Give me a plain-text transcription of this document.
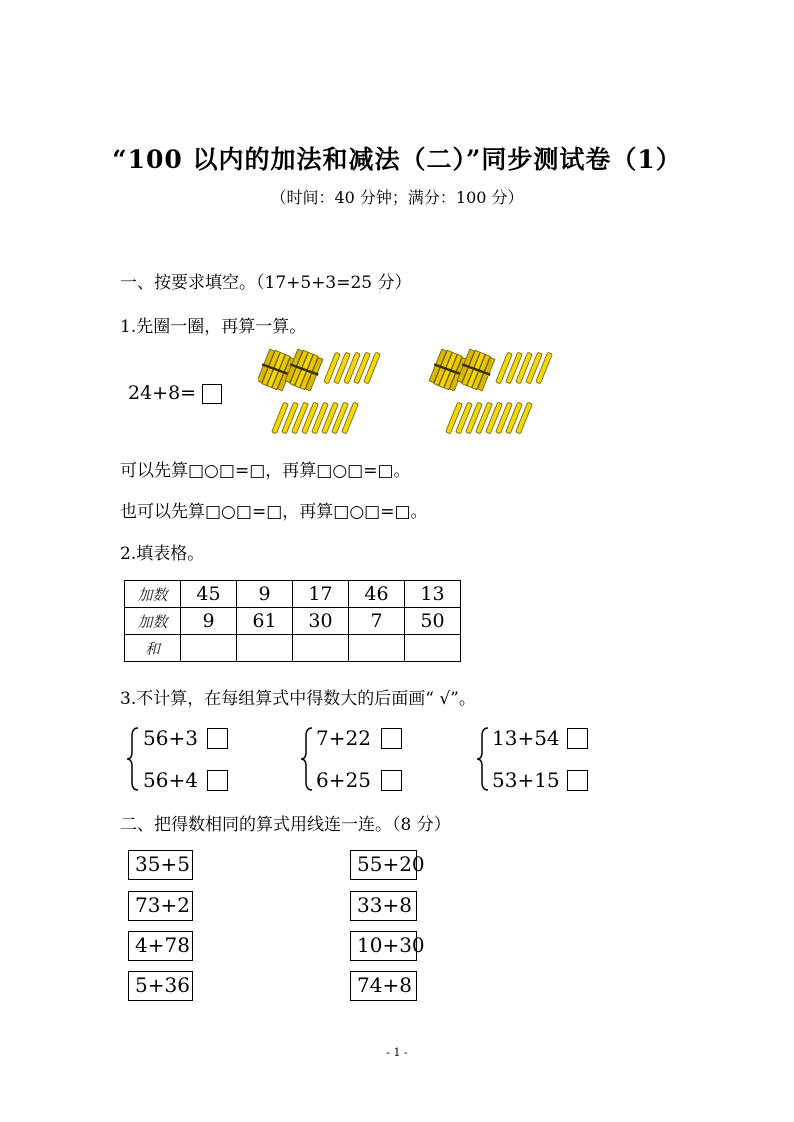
“100 以内的加法和减法（二）”同步测试卷（1）
（时间：40 分钟；满分：100 分）
一、按要求填空。（17+5+3=25 分）
1.先圈一圈，再算一算。
24+8=
可以先算□○□=□，再算□○□=□。
也可以先算□○□=□，再算□○□=□。
2.填表格。
加数	45	9	17	46	13
加数	9	61	30	7	50
和					
3.不计算，在每组算式中得数大的后面画“ √”。
56+3
56+4
7+22
6+25
13+54
53+15
二、把得数相同的算式用线连一连。（8 分）
35+5
73+2
4+78
5+36
55+20
33+8
10+30
74+8
- 1 -
